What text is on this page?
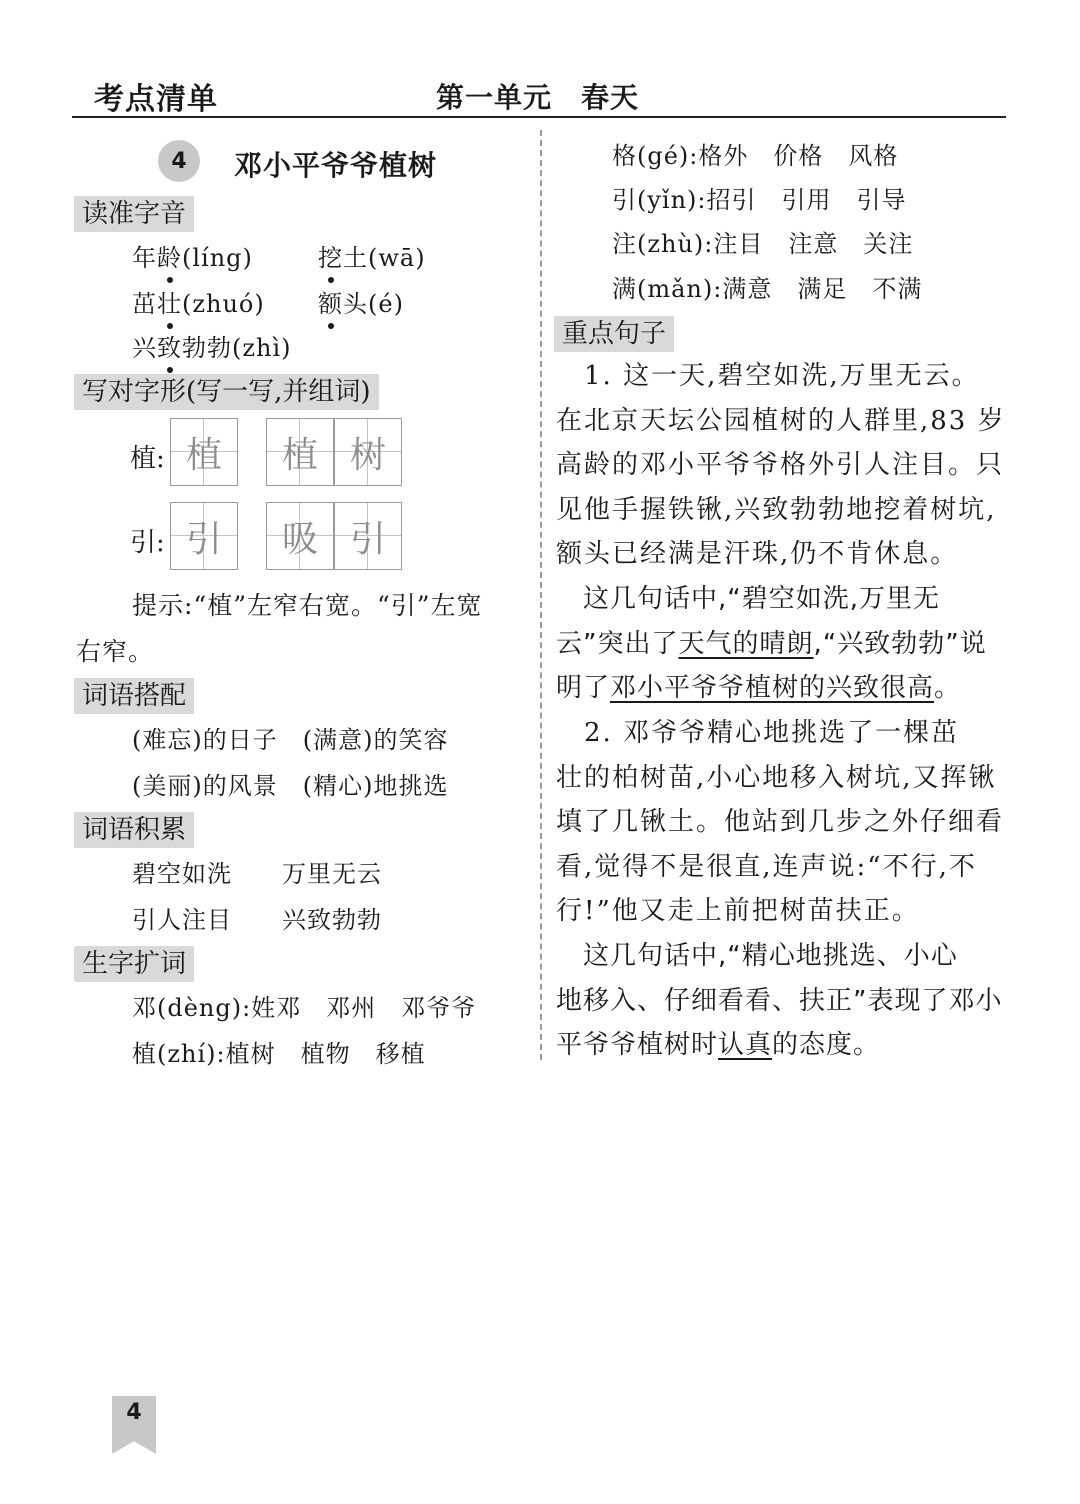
考点清单	第一单元　春天
4	邓小平爷爷植树
读准字音
年龄(líng)	挖土(wā)
茁壮(zhuó) 额头(é)
兴致勃勃(zhì)
写对字形(写一写,并组词)
植: 植	植 树
引: 引	吸 引
提示:“植”左窄右宽。“引”左宽
右窄。
词语搭配
(难忘)的日子　(满意)的笑容
(美丽)的风景　(精心)地挑选
词语积累
碧空如洗　　万里无云
引人注目　　兴致勃勃
生字扩词
邓(dèng):姓邓　邓州　邓爷爷
植(zhí):植树　植物　移植
格(gé):格外　价格　风格
引(yǐn):招引　引用　引导
注(zhù):注目　注意　关注
满(mǎn):满意　满足　不满
重点句子
　1. 这一天,碧空如洗,万里无云。
在北京天坛公园植树的人群里,83 岁
高龄的邓小平爷爷格外引人注目。只
见他手握铁锹,兴致勃勃地挖着树坑,
额头已经满是汗珠,仍不肯休息。
　这几句话中,“碧空如洗,万里无
云”突出了天气的晴朗,“兴致勃勃”说
明了邓小平爷爷植树的兴致很高。
　2. 邓爷爷精心地挑选了一棵茁
壮的柏树苗,小心地移入树坑,又挥锹
填了几锹土。他站到几步之外仔细看
看,觉得不是很直,连声说:“不行,不
行!”他又走上前把树苗扶正。
　这几句话中,“精心地挑选、小心
地移入、仔细看看、扶正”表现了邓小
平爷爷植树时认真的态度。
4
